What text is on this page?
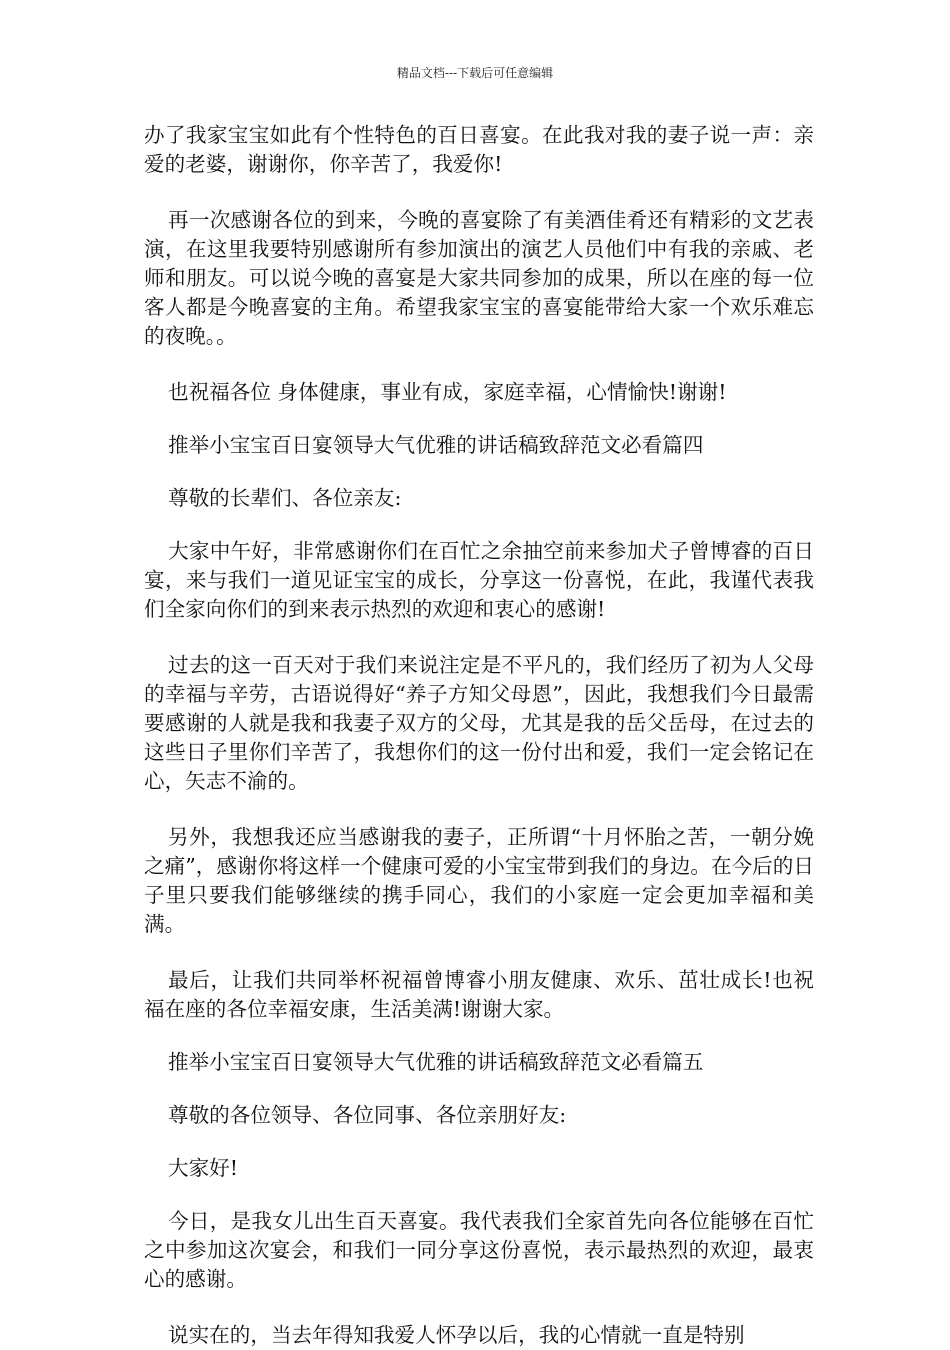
精品文档---下载后可任意编辑

办了我家宝宝如此有个性特色的百日喜宴。在此我对我的妻子说一声：亲爱的老婆，谢谢你，你辛苦了，我爱你!

再一次感谢各位的到来，今晚的喜宴除了有美酒佳肴还有精彩的文艺表演，在这里我要特别感谢所有参加演出的演艺人员他们中有我的亲戚、老师和朋友。可以说今晚的喜宴是大家共同参加的成果，所以在座的每一位客人都是今晚喜宴的主角。希望我家宝宝的喜宴能带给大家一个欢乐难忘的夜晚。。

也祝福各位 身体健康，事业有成，家庭幸福，心情愉快!谢谢!

推举小宝宝百日宴领导大气优雅的讲话稿致辞范文必看篇四

尊敬的长辈们、各位亲友:

大家中午好，非常感谢你们在百忙之余抽空前来参加犬子曾博睿的百日宴，来与我们一道见证宝宝的成长，分享这一份喜悦，在此，我谨代表我们全家向你们的到来表示热烈的欢迎和衷心的感谢!

过去的这一百天对于我们来说注定是不平凡的，我们经历了初为人父母的幸福与辛劳，古语说得好“养子方知父母恩”，因此，我想我们今日最需要感谢的人就是我和我妻子双方的父母，尤其是我的岳父岳母，在过去的这些日子里你们辛苦了，我想你们的这一份付出和爱，我们一定会铭记在心，矢志不渝的。

另外，我想我还应当感谢我的妻子，正所谓“十月怀胎之苦，一朝分娩之痛”，感谢你将这样一个健康可爱的小宝宝带到我们的身边。在今后的日子里只要我们能够继续的携手同心，我们的小家庭一定会更加幸福和美满。

最后，让我们共同举杯祝福曾博睿小朋友健康、欢乐、茁壮成长!也祝福在座的各位幸福安康，生活美满!谢谢大家。

推举小宝宝百日宴领导大气优雅的讲话稿致辞范文必看篇五

尊敬的各位领导、各位同事、各位亲朋好友:

大家好!

今日，是我女儿出生百天喜宴。我代表我们全家首先向各位能够在百忙之中参加这次宴会，和我们一同分享这份喜悦，表示最热烈的欢迎，最衷心的感谢。

说实在的，当去年得知我爱人怀孕以后，我的心情就一直是特别
